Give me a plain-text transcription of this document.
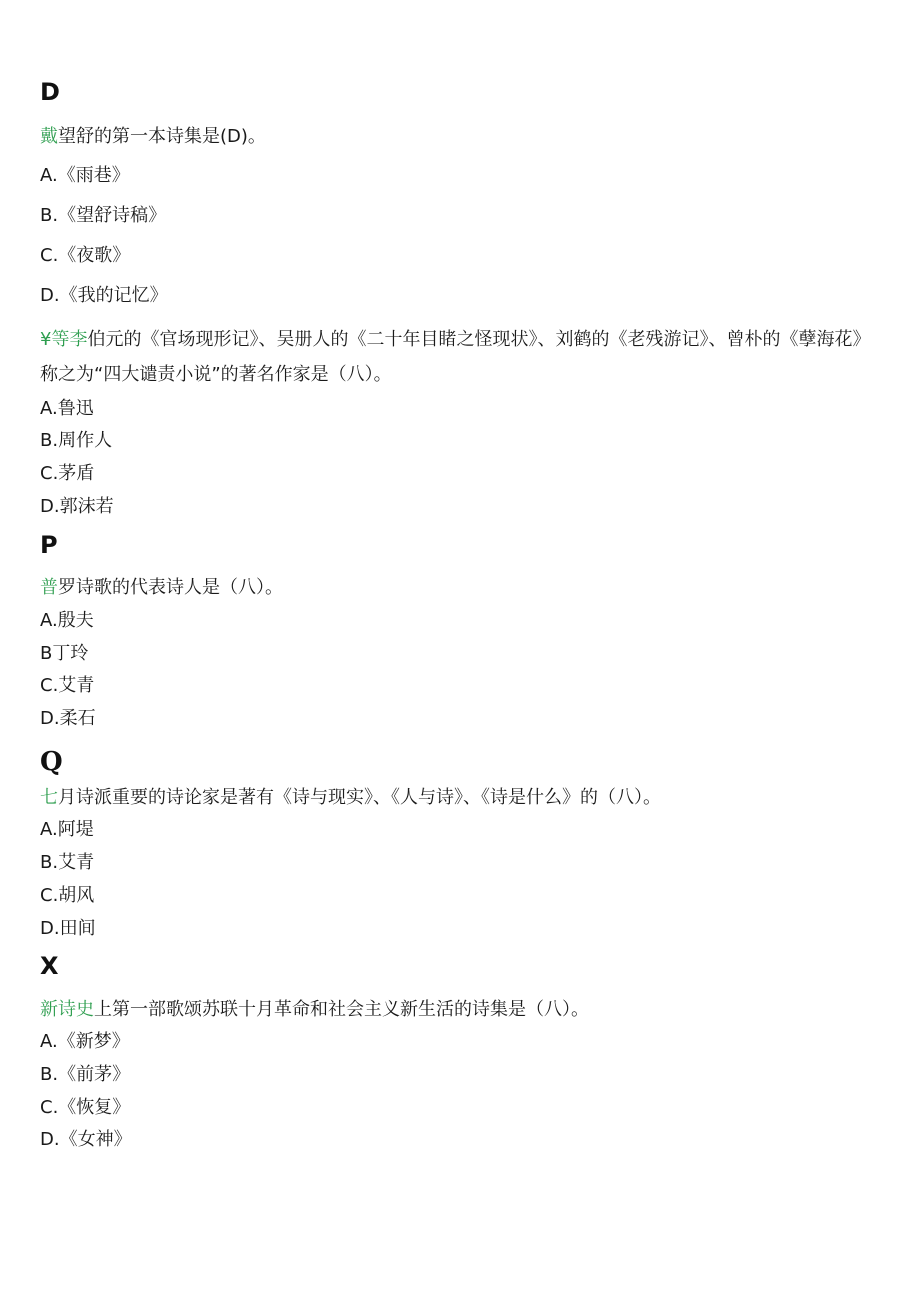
D
戴望舒的第一本诗集是(D)。
A.《雨巷》
B.《望舒诗稿》
C.《夜歌》
D.《我的记忆》
¥等李伯元的《官场现形记》、吴册人的《二十年目睹之怪现状》、刘鹤的《老残游记》、曾朴的《孽海花》称之为“四大谴责小说”的著名作家是（八）。
A.鲁迅
B.周作人
C.茅盾
D.郭沫若
P
普罗诗歌的代表诗人是（八）。
A.殷夫
B丁玲
C.艾青
D.柔石
Q
七月诗派重要的诗论家是著有《诗与现实》、《人与诗》、《诗是什么》的（八）。
A.阿堤
B.艾青
C.胡风
D.田间
X
新诗史上第一部歌颂苏联十月革命和社会主义新生活的诗集是（八）。
A.《新梦》
B.《前茅》
C.《恢复》
D.《女神》
